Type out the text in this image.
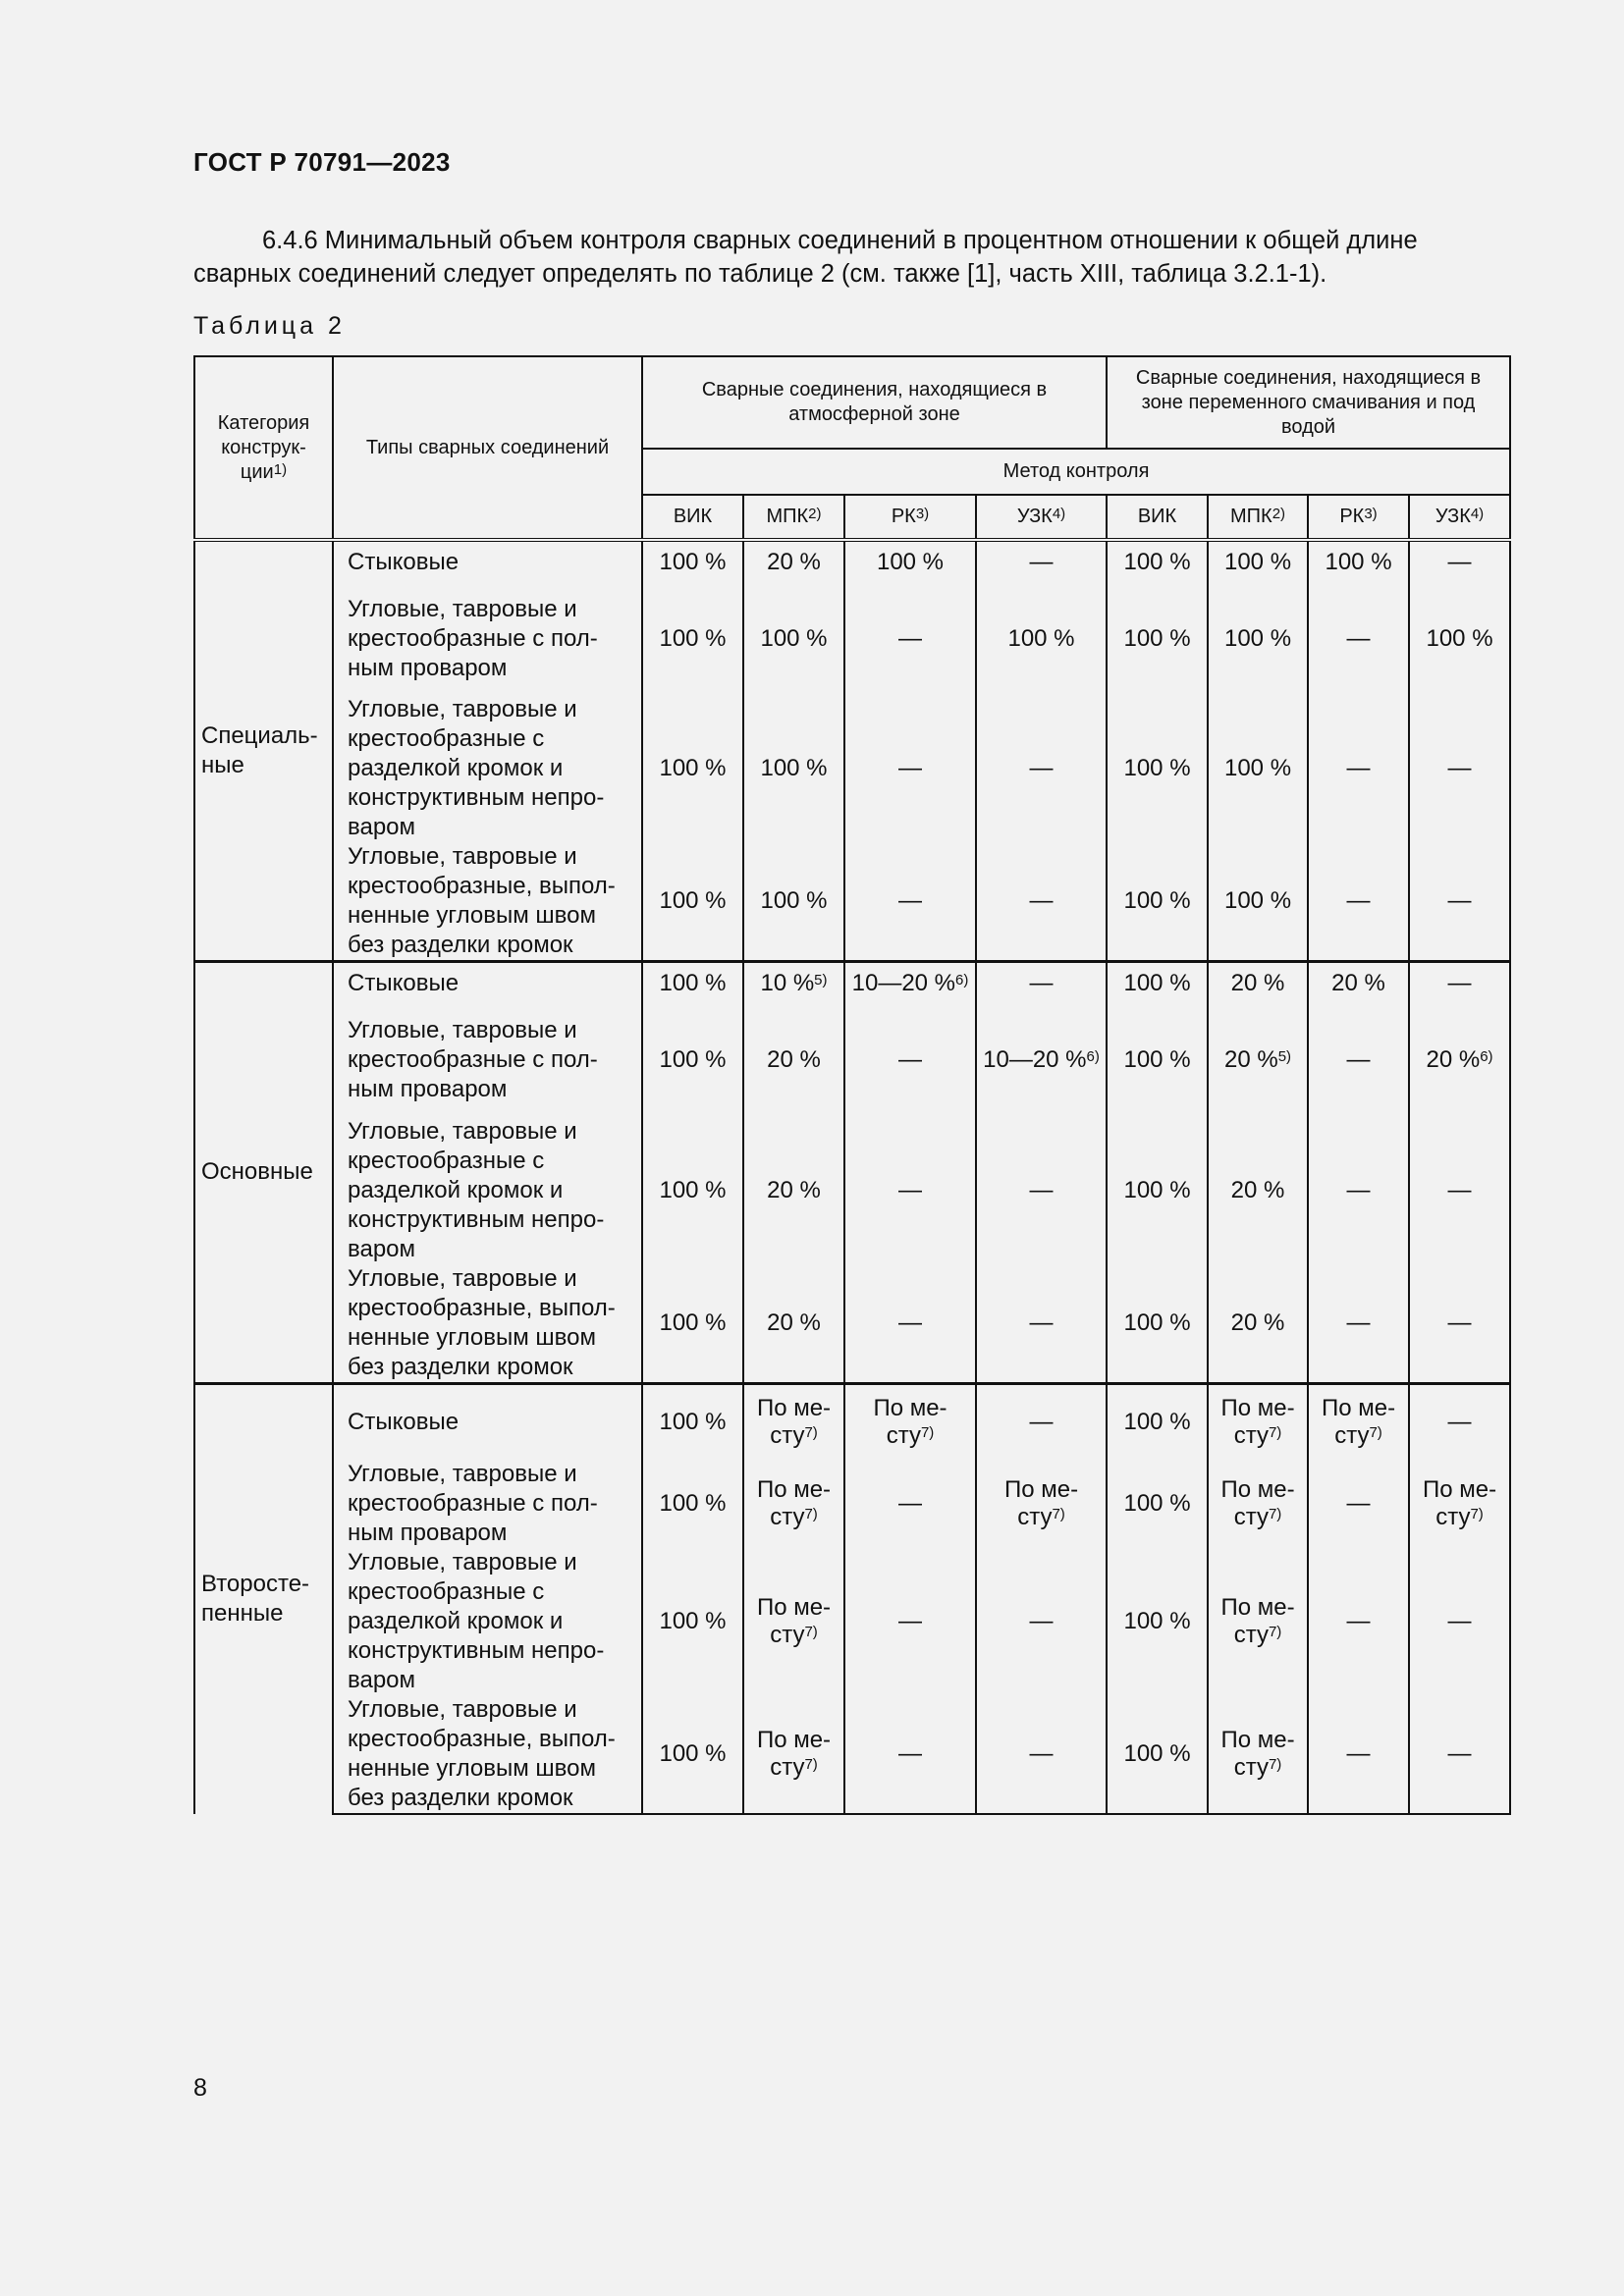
ГОСТ Р 70791—2023

6.4.6 Минимальный объем контроля сварных соединений в процентном отношении к общей длине сварных соединений следует определять по таблице 2 (см. также [1], часть XIII, таблица 3.2.1-1).

Таблица 2
Категория конструк-ции$^{1)}$	Типы сварных соединений	Сварные соединения, находящиеся в атмосферной зоне				Сварные соединения, находящиеся в зоне переменного смачивания и под водой			
		Метод контроля							
		ВИК	МПК$^{2)}$	РК$^{3)}$	УЗК$^{4)}$	ВИК	МПК$^{2)}$	РК$^{3)}$	УЗК$^{4)}$
Специаль-ные	Стыковые	100 %	20 %	100 %	—	100 %	100 %	100 %	—
	Угловые, тавровые и крестообразные с пол-ным проваром	100 %	100 %	—	100 %	100 %	100 %	—	100 %
	Угловые, тавровые и крестообразные с разделкой кромок и конструктивным непро-варом	100 %	100 %	—	—	100 %	100 %	—	—
	Угловые, тавровые и крестообразные, выпол-ненные угловым швом без разделки кромок	100 %	100 %	—	—	100 %	100 %	—	—
Основные	Стыковые	100 %	10 %$^{5)}$	10—20 %$^{6)}$	—	100 %	20 %	20 %	—
	Угловые, тавровые и крестообразные с пол-ным проваром	100 %	20 %	—	10—20 %$^{6)}$	100 %	20 %$^{5)}$	—	20 %$^{6)}$
	Угловые, тавровые и крестообразные с разделкой кромок и конструктивным непро-варом	100 %	20 %	—	—	100 %	20 %	—	—
	Угловые, тавровые и крестообразные, выпол-ненные угловым швом без разделки кромок	100 %	20 %	—	—	100 %	20 %	—	—
Второсте-пенные	Стыковые	100 %	По ме-сту$^{7)}$	По ме-сту$^{7)}$	—	100 %	По ме-сту$^{7)}$	По ме-сту$^{7)}$	—
	Угловые, тавровые и крестообразные с пол-ным проваром	100 %	По ме-сту$^{7)}$	—	По ме-сту$^{7)}$	100 %	По ме-сту$^{7)}$	—	По ме-сту$^{7)}$
	Угловые, тавровые и крестообразные с разделкой кромок и конструктивным непро-варом	100 %	По ме-сту$^{7)}$	—	—	100 %	По ме-сту$^{7)}$	—	—
	Угловые, тавровые и крестообразные, выпол-ненные угловым швом без разделки кромок	100 %	По ме-сту$^{7)}$	—	—	100 %	По ме-сту$^{7)}$	—	—
8
